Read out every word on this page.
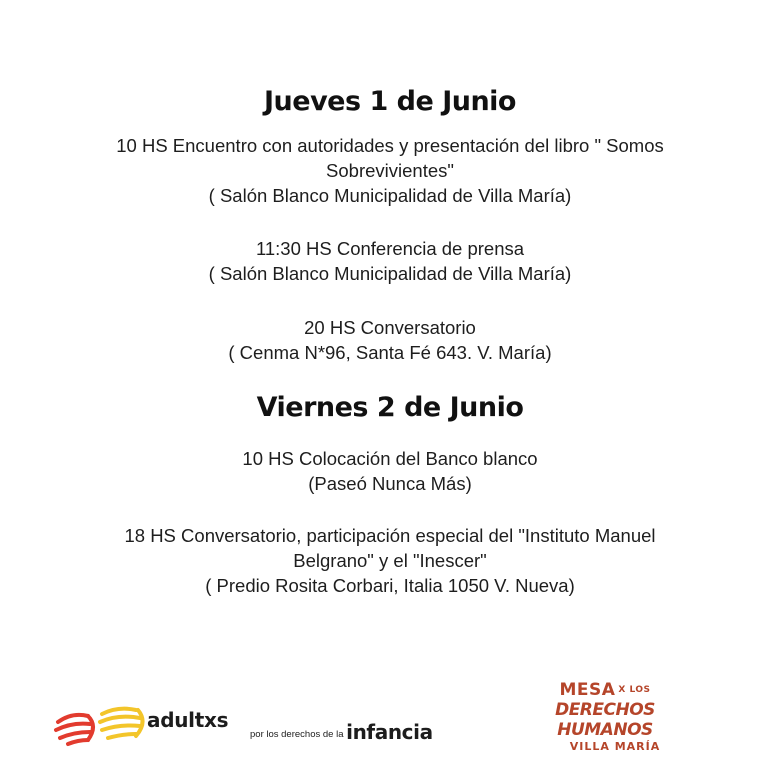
Jueves 1 de Junio
10 HS Encuentro con autoridades y presentación del libro " Somos
Sobrevivientes"
( Salón Blanco Municipalidad de Villa María)
11:30 HS Conferencia de prensa
( Salón Blanco Municipalidad de Villa María)
20 HS Conversatorio
( Cenma N*96, Santa Fé 643. V. María)
Viernes 2 de Junio
10 HS Colocación del Banco blanco
(Paseó Nunca Más)
18 HS Conversatorio, participación especial del "Instituto Manuel
Belgrano" y el "Inescer"
( Predio Rosita Corbari, Italia 1050 V. Nueva)
adultxs
por los derechos de la infancia
MESA $^{X LOS}$
DERECHOS HUMANOS
VILLA MARÍA
